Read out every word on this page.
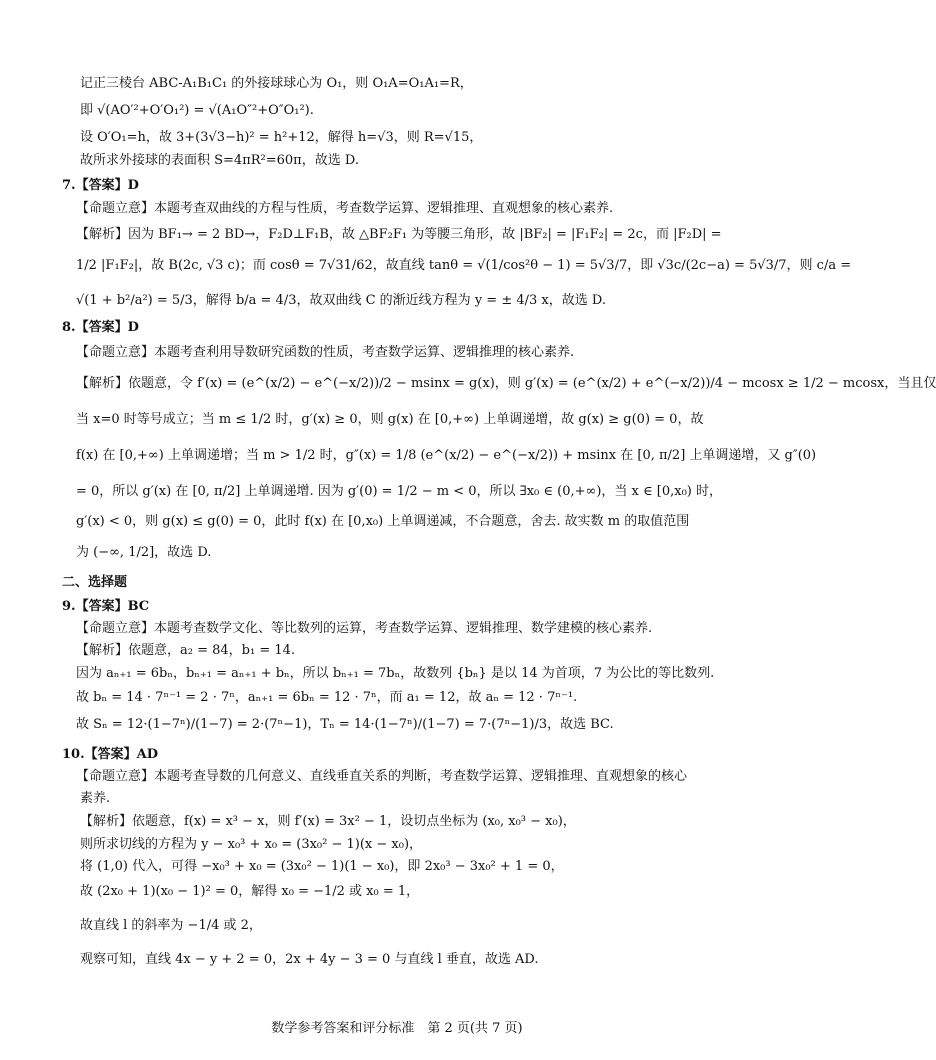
记正三棱台 ABC-A₁B₁C₁ 的外接球球心为 O₁，则 O₁A=O₁A₁=R，
即 √(AO′²+O′O₁²) = √(A₁O″²+O″O₁²).
设 O′O₁=h，故 3+(3√3−h)² = h²+12，解得 h=√3，则 R=√15，
故所求外接球的表面积 S=4πR²=60π，故选 D.
7.【答案】D
【命题立意】本题考查双曲线的方程与性质，考查数学运算、逻辑推理、直观想象的核心素养.
【解析】因为 BF₁→ = 2 BD→，F₂D⊥F₁B，故 △BF₂F₁ 为等腰三角形，故 |BF₂| = |F₁F₂| = 2c，而 |F₂D| =
1/2 |F₁F₂|，故 B(2c, √3 c)；而 cosθ = 7√31/62，故直线 tanθ = √(1/cos²θ − 1) = 5√3/7，即 √3c/(2c−a) = 5√3/7，则 c/a =
√(1 + b²/a²) = 5/3，解得 b/a = 4/3，故双曲线 C 的渐近线方程为 y = ± 4/3 x，故选 D.
8.【答案】D
【命题立意】本题考查利用导数研究函数的性质，考查数学运算、逻辑推理的核心素养.
【解析】依题意，令 f′(x) = (e^(x/2) − e^(−x/2))/2 − msinx = g(x)，则 g′(x) = (e^(x/2) + e^(−x/2))/4 − mcosx ≥ 1/2 − mcosx，当且仅
当 x=0 时等号成立；当 m ≤ 1/2 时，g′(x) ≥ 0，则 g(x) 在 [0,+∞) 上单调递增，故 g(x) ≥ g(0) = 0，故
f(x) 在 [0,+∞) 上单调递增；当 m > 1/2 时，g″(x) = 1/8 (e^(x/2) − e^(−x/2)) + msinx 在 [0, π/2] 上单调递增，又 g″(0)
= 0，所以 g′(x) 在 [0, π/2] 上单调递增. 因为 g′(0) = 1/2 − m < 0，所以 ∃x₀ ∈ (0,+∞)，当 x ∈ [0,x₀) 时，
g′(x) < 0，则 g(x) ≤ g(0) = 0，此时 f(x) 在 [0,x₀) 上单调递减，不合题意，舍去. 故实数 m 的取值范围
为 (−∞, 1/2]，故选 D.
二、选择题
9.【答案】BC
【命题立意】本题考查数学文化、等比数列的运算，考查数学运算、逻辑推理、数学建模的核心素养.
【解析】依题意，a₂ = 84，b₁ = 14.
因为 aₙ₊₁ = 6bₙ，bₙ₊₁ = aₙ₊₁ + bₙ，所以 bₙ₊₁ = 7bₙ，故数列 {bₙ} 是以 14 为首项，7 为公比的等比数列.
故 bₙ = 14 · 7ⁿ⁻¹ = 2 · 7ⁿ，aₙ₊₁ = 6bₙ = 12 · 7ⁿ，而 a₁ = 12，故 aₙ = 12 · 7ⁿ⁻¹.
故 Sₙ = 12·(1−7ⁿ)/(1−7) = 2·(7ⁿ−1)，Tₙ = 14·(1−7ⁿ)/(1−7) = 7·(7ⁿ−1)/3，故选 BC.
10.【答案】AD
【命题立意】本题考查导数的几何意义、直线垂直关系的判断，考查数学运算、逻辑推理、直观想象的核心
素养.
【解析】依题意，f(x) = x³ − x，则 f′(x) = 3x² − 1，设切点坐标为 (x₀, x₀³ − x₀)，
则所求切线的方程为 y − x₀³ + x₀ = (3x₀² − 1)(x − x₀)，
将 (1,0) 代入，可得 −x₀³ + x₀ = (3x₀² − 1)(1 − x₀)，即 2x₀³ − 3x₀² + 1 = 0，
故 (2x₀ + 1)(x₀ − 1)² = 0，解得 x₀ = −1/2 或 x₀ = 1，
故直线 l 的斜率为 −1/4 或 2，
观察可知，直线 4x − y + 2 = 0，2x + 4y − 3 = 0 与直线 l 垂直，故选 AD.
数学参考答案和评分标准　第 2 页(共 7 页)
